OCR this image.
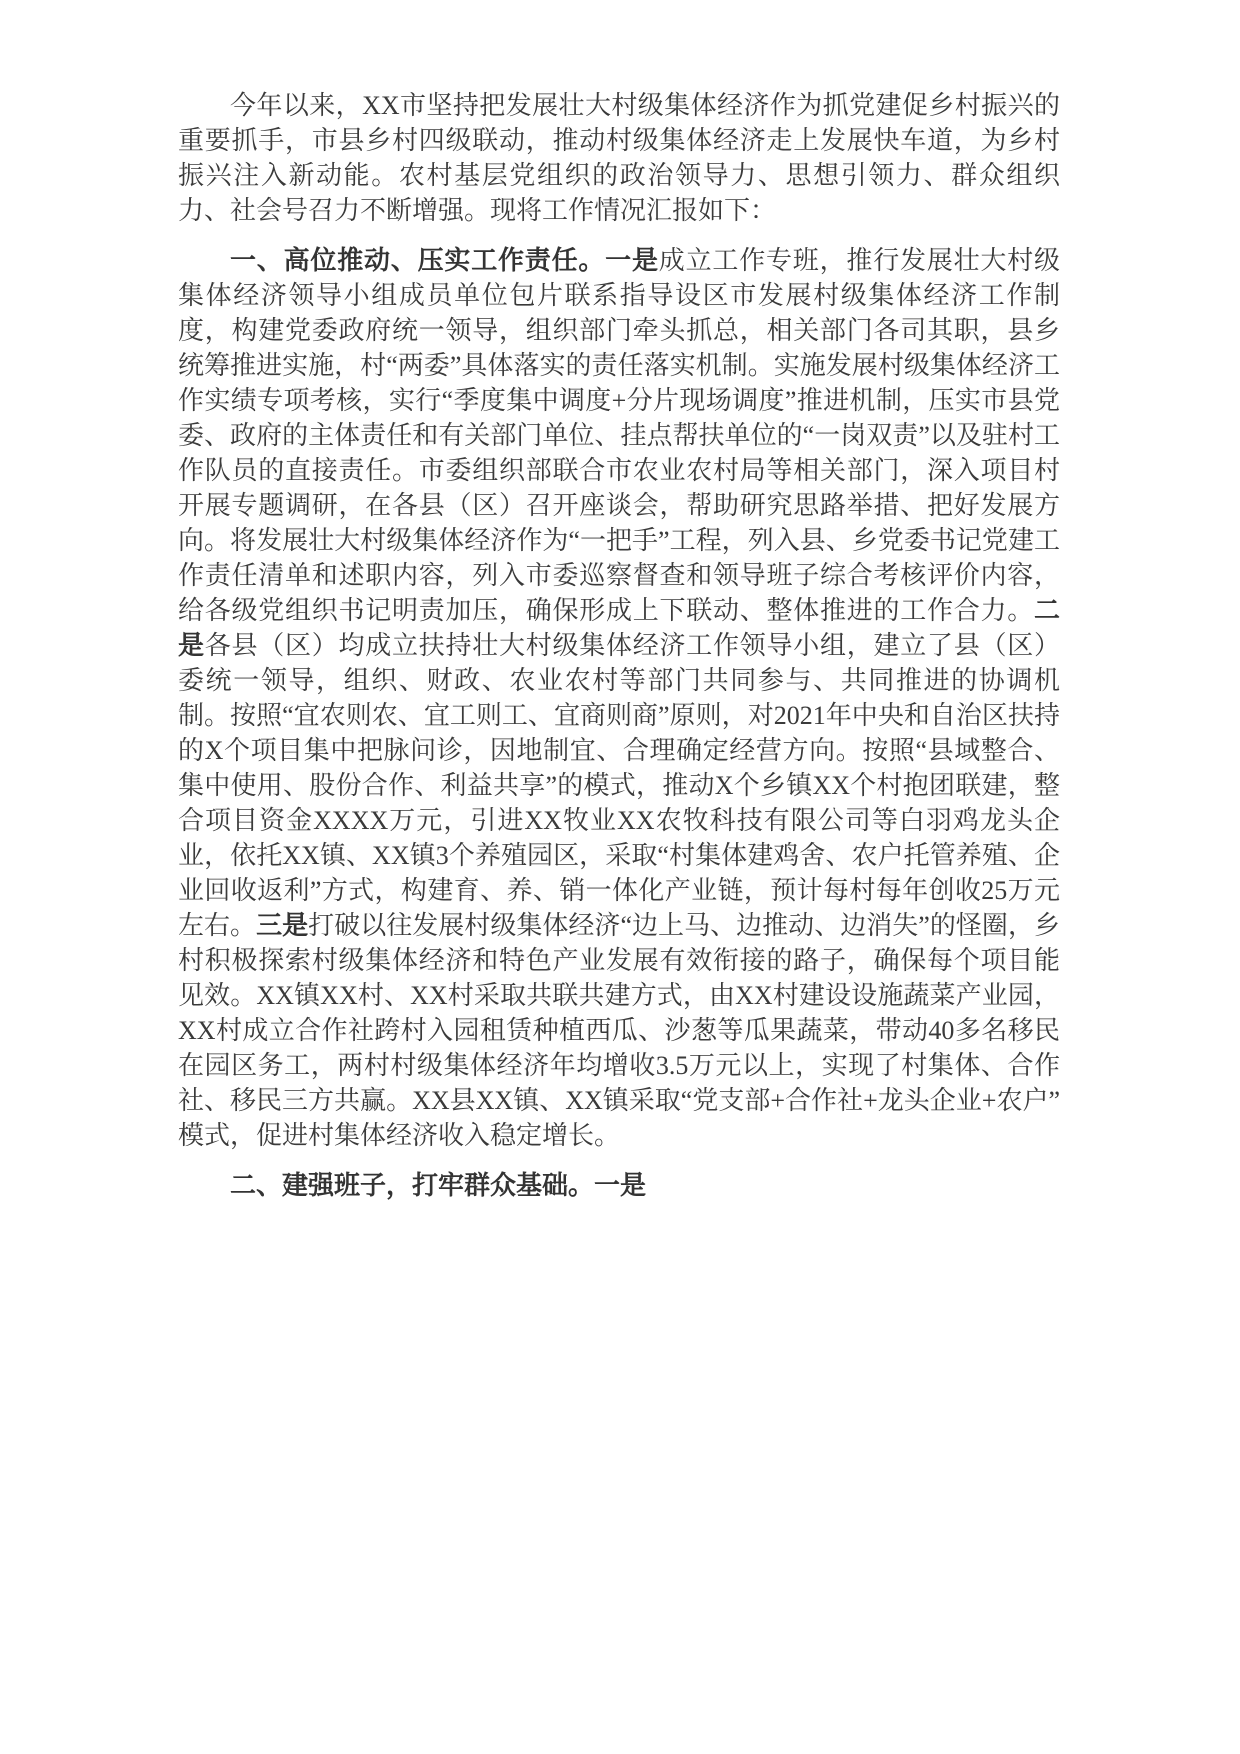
今年以来，XX市坚持把发展壮大村级集体经济作为抓党建促乡村振兴的重要抓手，市县乡村四级联动，推动村级集体经济走上发展快车道，为乡村振兴注入新动能。农村基层党组织的政治领导力、思想引领力、群众组织力、社会号召力不断增强。现将工作情况汇报如下：

一、高位推动、压实工作责任。一是成立工作专班，推行发展壮大村级集体经济领导小组成员单位包片联系指导设区市发展村级集体经济工作制度，构建党委政府统一领导，组织部门牵头抓总，相关部门各司其职，县乡统筹推进实施，村“两委”具体落实的责任落实机制。实施发展村级集体经济工作实绩专项考核，实行“季度集中调度+分片现场调度”推进机制，压实市县党委、政府的主体责任和有关部门单位、挂点帮扶单位的“一岗双责”以及驻村工作队员的直接责任。市委组织部联合市农业农村局等相关部门，深入项目村开展专题调研，在各县（区）召开座谈会，帮助研究思路举措、把好发展方向。将发展壮大村级集体经济作为“一把手”工程，列入县、乡党委书记党建工作责任清单和述职内容，列入市委巡察督查和领导班子综合考核评价内容，给各级党组织书记明责加压，确保形成上下联动、整体推进的工作合力。二是各县（区）均成立扶持壮大村级集体经济工作领导小组，建立了县（区）委统一领导，组织、财政、农业农村等部门共同参与、共同推进的协调机制。按照“宜农则农、宜工则工、宜商则商”原则，对2021年中央和自治区扶持的X个项目集中把脉问诊，因地制宜、合理确定经营方向。按照“县域整合、集中使用、股份合作、利益共享”的模式，推动X个乡镇XX个村抱团联建，整合项目资金XXXX万元，引进XX牧业XX农牧科技有限公司等白羽鸡龙头企业，依托XX镇、XX镇3个养殖园区，采取“村集体建鸡舍、农户托管养殖、企业回收返利”方式，构建育、养、销一体化产业链，预计每村每年创收25万元左右。三是打破以往发展村级集体经济“边上马、边推动、边消失”的怪圈，乡村积极探索村级集体经济和特色产业发展有效衔接的路子，确保每个项目能见效。XX镇XX村、XX村采取共联共建方式，由XX村建设设施蔬菜产业园，XX村成立合作社跨村入园租赁种植西瓜、沙葱等瓜果蔬菜，带动40多名移民在园区务工，两村村级集体经济年均增收3.5万元以上，实现了村集体、合作社、移民三方共赢。XX县XX镇、XX镇采取“党支部+合作社+龙头企业+农户”模式，促进村集体经济收入稳定增长。

二、建强班子，打牢群众基础。一是
